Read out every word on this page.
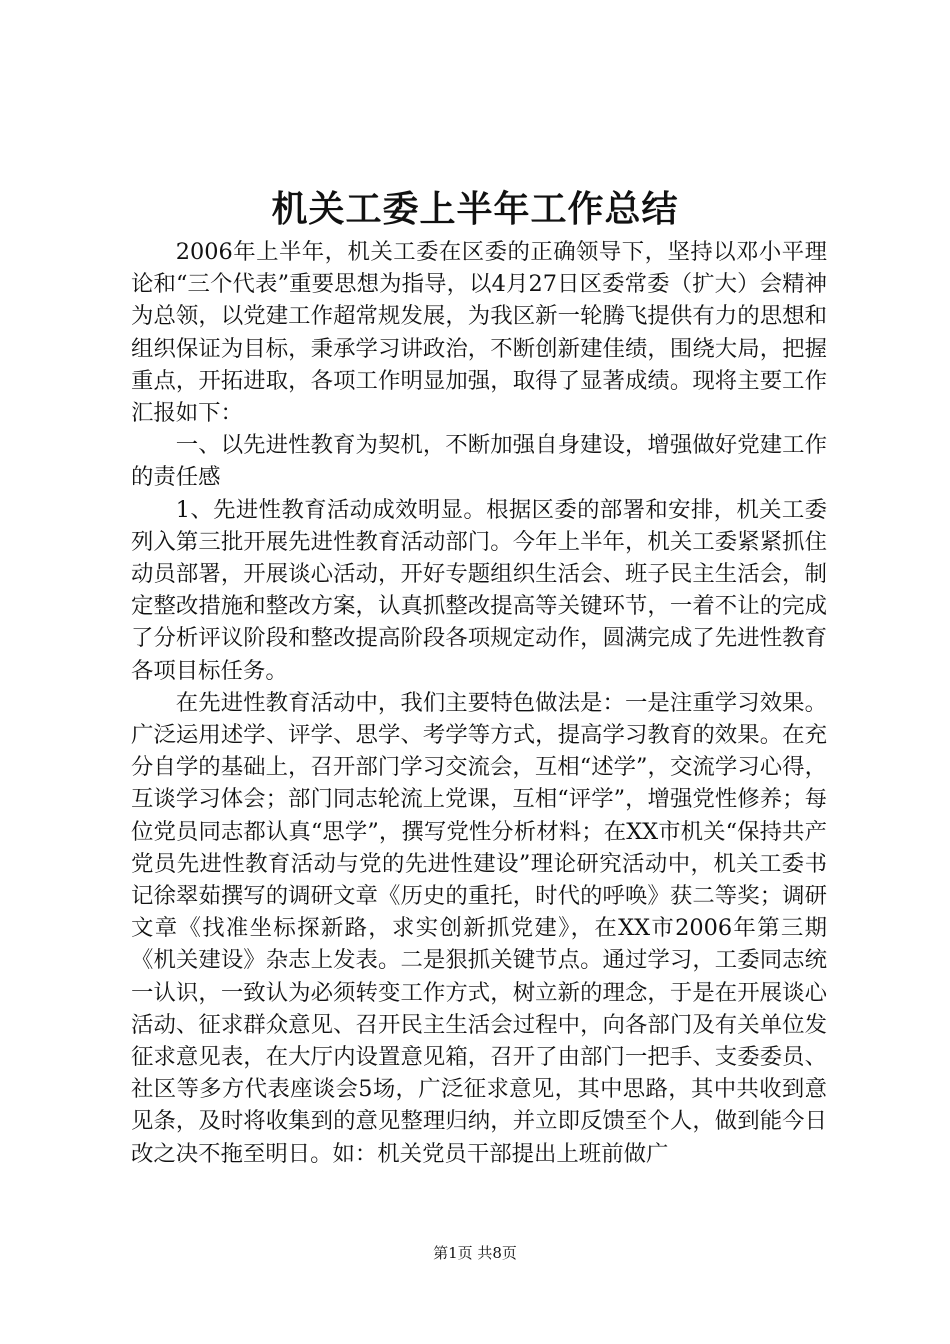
机关工委上半年工作总结

2006年上半年，机关工委在区委的正确领导下，坚持以邓小平理论和“三个代表”重要思想为指导，以4月27日区委常委（扩大）会精神为总领，以党建工作超常规发展，为我区新一轮腾飞提供有力的思想和组织保证为目标，秉承学习讲政治，不断创新建佳绩，围绕大局，把握重点，开拓进取，各项工作明显加强，取得了显著成绩。现将主要工作汇报如下：

一、以先进性教育为契机，不断加强自身建设，增强做好党建工作的责任感

1、先进性教育活动成效明显。根据区委的部署和安排，机关工委列入第三批开展先进性教育活动部门。今年上半年，机关工委紧紧抓住动员部署，开展谈心活动，开好专题组织生活会、班子民主生活会，制定整改措施和整改方案，认真抓整改提高等关键环节，一着不让的完成了分析评议阶段和整改提高阶段各项规定动作，圆满完成了先进性教育各项目标任务。

在先进性教育活动中，我们主要特色做法是：一是注重学习效果。广泛运用述学、评学、思学、考学等方式，提高学习教育的效果。在充分自学的基础上，召开部门学习交流会，互相“述学”，交流学习心得，互谈学习体会；部门同志轮流上党课，互相“评学”，增强党性修养；每位党员同志都认真“思学”，撰写党性分析材料；在XX市机关“保持共产党员先进性教育活动与党的先进性建设”理论研究活动中，机关工委书记徐翠茹撰写的调研文章《历史的重托，时代的呼唤》获二等奖；调研文章《找准坐标探新路，求实创新抓党建》，在XX市2006年第三期《机关建设》杂志上发表。二是狠抓关键节点。通过学习，工委同志统一认识，一致认为必须转变工作方式，树立新的理念，于是在开展谈心活动、征求群众意见、召开民主生活会过程中，向各部门及有关单位发征求意见表，在大厅内设置意见箱，召开了由部门一把手、支委委员、社区等多方代表座谈会5场，广泛征求意见，其中思路，其中共收到意见条，及时将收集到的意见整理归纳，并立即反馈至个人，做到能今日改之决不拖至明日。如：机关党员干部提出上班前做广

第1页 共8页
